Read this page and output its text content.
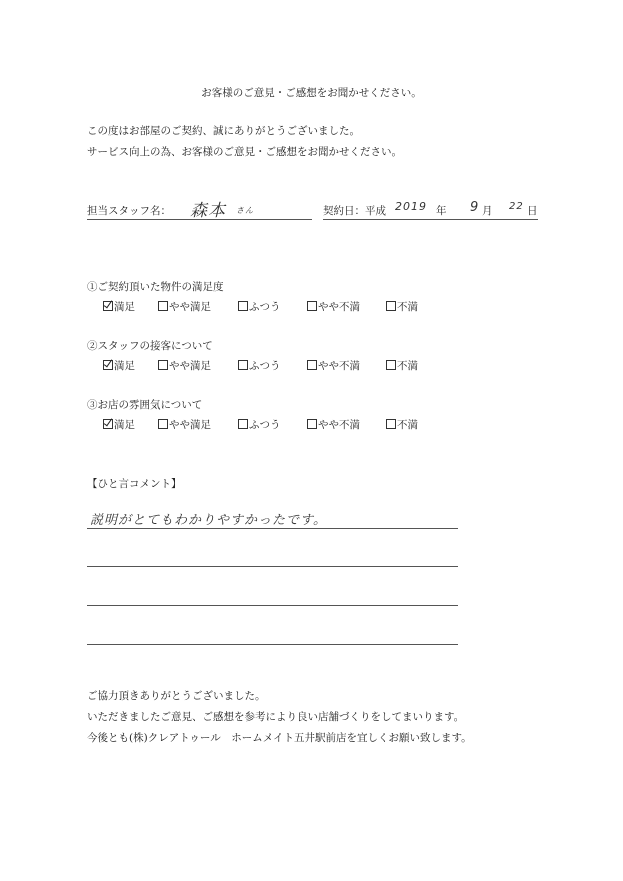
お客様のご意見・ご感想をお聞かせください。
この度はお部屋のご契約、誠にありがとうございました。
サービス向上の為、お客様のご意見・ご感想をお聞かせください。
担当スタッフ名： 森本 さん	契約日：平成 2019 年 9 月 22 日
①ご契約頂いた物件の満足度
満足	やや満足	ふつう	やや不満	不満
②スタッフの接客について
満足	やや満足	ふつう	やや不満	不満
③お店の雰囲気について
満足	やや満足	ふつう	やや不満	不満
【ひと言コメント】
説明がとてもわかりやすかったです。
ご協力頂きありがとうございました。
いただきましたご意見、ご感想を参考により良い店舗づくりをしてまいります。
今後とも(株)クレアトゥール　ホームメイト五井駅前店を宜しくお願い致します。
